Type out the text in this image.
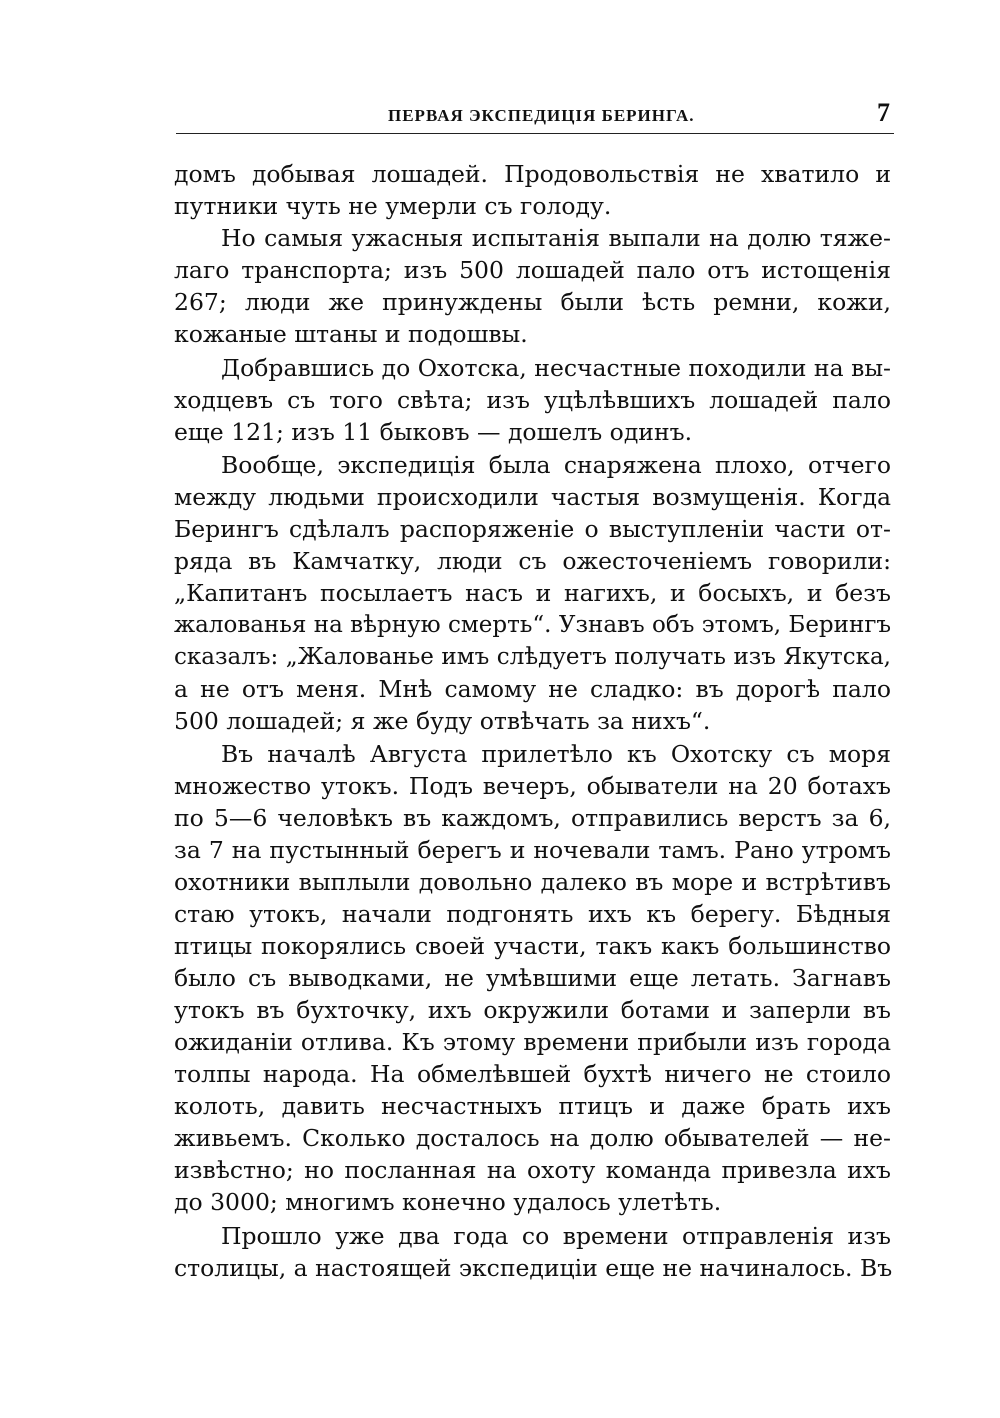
ПЕРВАЯ ЭКСПЕДИЦІЯ БЕРИНГА.	7
домъ добывая лошадей. Продовольствія не хватило и
путники чуть не умерли съ голоду.
Но самыя ужасныя испытанія выпали на долю тяже-
лаго транспорта; изъ 500 лошадей пало отъ истощенія
267; люди же принуждены были ѣсть ремни, кожи,
кожаные штаны и подошвы.
Добравшись до Охотска, несчастные походили на вы-
ходцевъ съ того свѣта; изъ уцѣлѣвшихъ лошадей пало
еще 121; изъ 11 быковъ — дошелъ одинъ.
Вообще, экспедиція была снаряжена плохо, отчего
между людьми происходили частыя возмущенія. Когда
Берингъ сдѣлалъ распоряженіе о выступленіи части от-
ряда въ Камчатку, люди съ ожесточеніемъ говорили:
„Капитанъ посылаетъ насъ и нагихъ, и босыхъ, и безъ
жалованья на вѣрную смерть“. Узнавъ объ этомъ, Берингъ
сказалъ: „Жалованье имъ слѣдуетъ получать изъ Якутска,
а не отъ меня. Мнѣ самому не сладко: въ дорогѣ пало
500 лошадей; я же буду отвѣчать за нихъ“.
Въ началѣ Августа прилетѣло къ Охотску съ моря
множество утокъ. Подъ вечеръ, обыватели на 20 ботахъ
по 5—6 человѣкъ въ каждомъ, отправились верстъ за 6,
за 7 на пустынный берегъ и ночевали тамъ. Рано утромъ
охотники выплыли довольно далеко въ море и встрѣтивъ
стаю утокъ, начали подгонять ихъ къ берегу. Бѣдныя
птицы покорялись своей участи, такъ какъ большинство
было съ выводками, не умѣвшими еще летать. Загнавъ
утокъ въ бухточку, ихъ окружили ботами и заперли въ
ожиданіи отлива. Къ этому времени прибыли изъ города
толпы народа. На обмелѣвшей бухтѣ ничего не стоило
колоть, давить несчастныхъ птицъ и даже брать ихъ
живьемъ. Сколько досталось на долю обывателей — не-
извѣстно; но посланная на охоту команда привезла ихъ
до 3000; многимъ конечно удалось улетѣть.
Прошло уже два года со времени отправленія изъ
столицы, а настоящей экспедиціи еще не начиналось. Въ
